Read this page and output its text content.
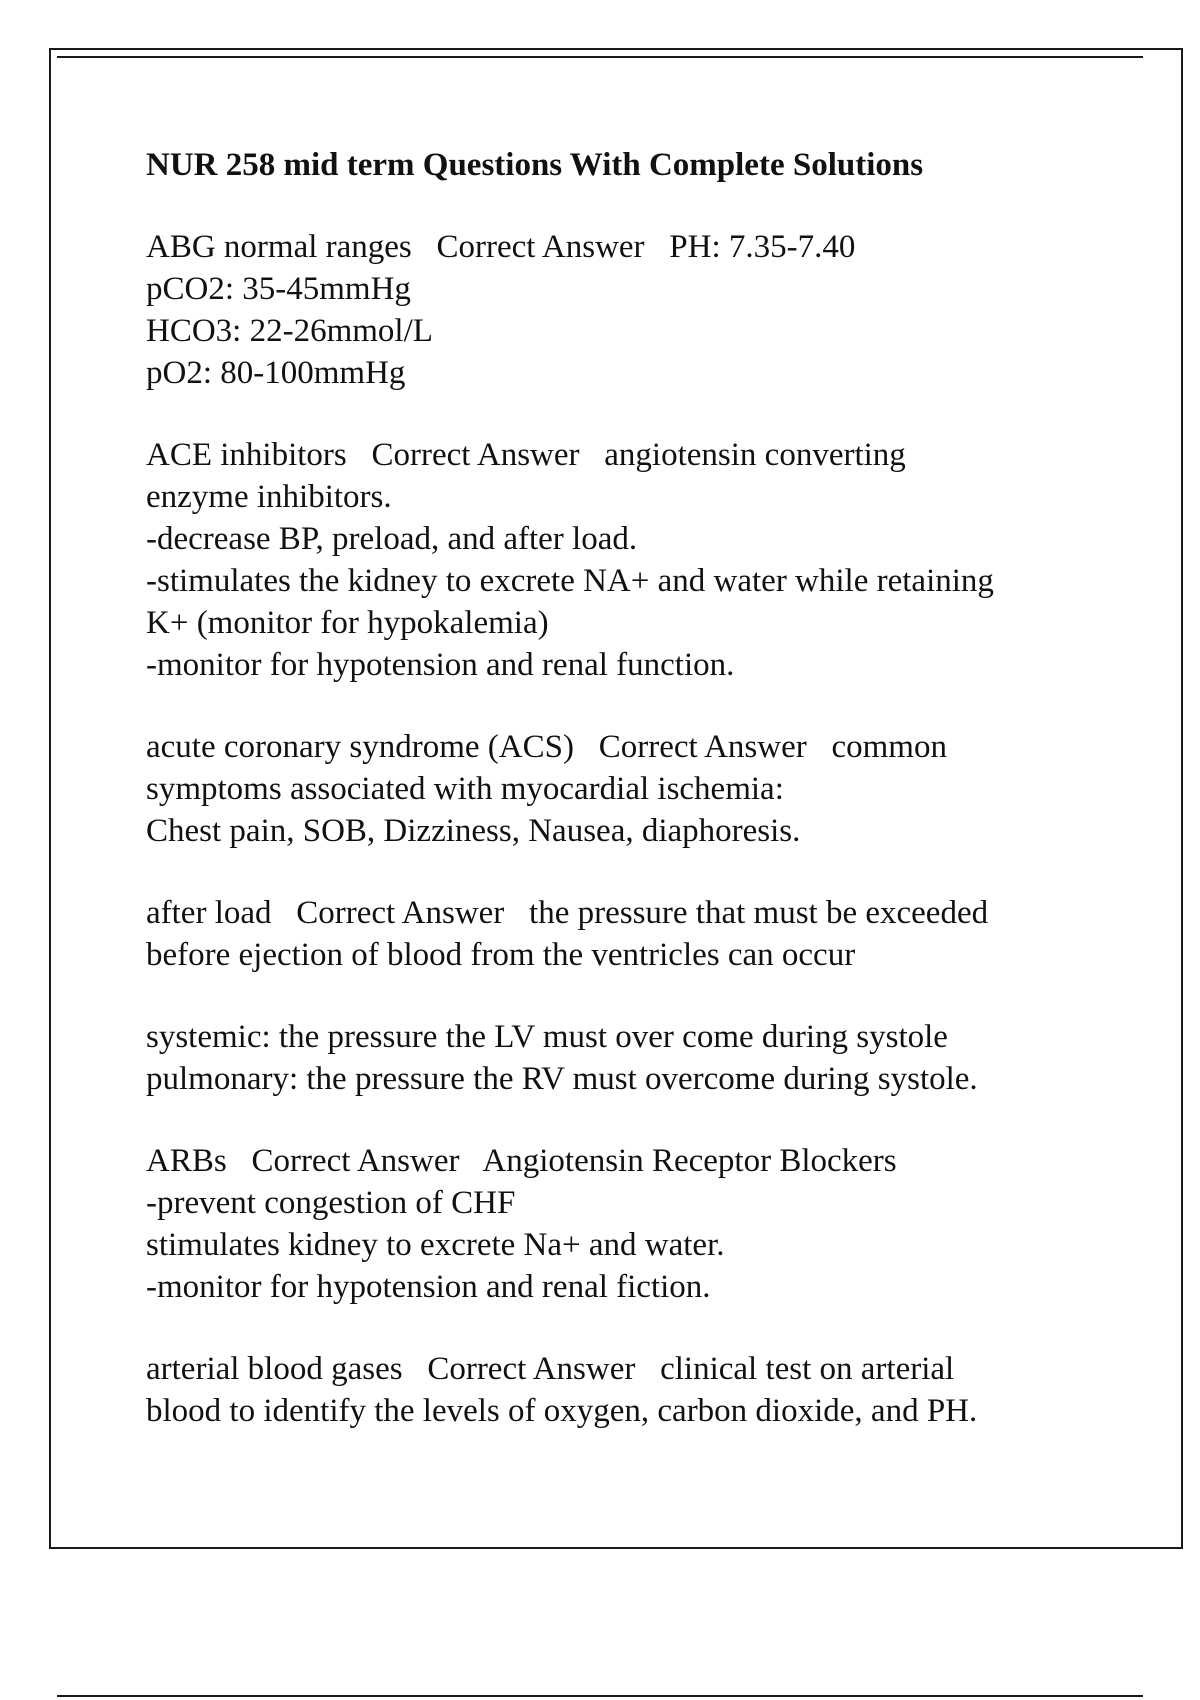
NUR 258 mid term Questions With Complete Solutions
ABG normal ranges   Correct Answer   PH: 7.35-7.40
pCO2: 35-45mmHg
HCO3: 22-26mmol/L
pO2: 80-100mmHg
ACE inhibitors   Correct Answer   angiotensin converting
enzyme inhibitors.
-decrease BP, preload, and after load.
-stimulates the kidney to excrete NA+ and water while retaining
K+ (monitor for hypokalemia)
-monitor for hypotension and renal function.
acute coronary syndrome (ACS)   Correct Answer   common
symptoms associated with myocardial ischemia:
Chest pain, SOB, Dizziness, Nausea, diaphoresis.
after load   Correct Answer   the pressure that must be exceeded
before ejection of blood from the ventricles can occur
systemic: the pressure the LV must over come during systole
pulmonary: the pressure the RV must overcome during systole.
ARBs   Correct Answer   Angiotensin Receptor Blockers
-prevent congestion of CHF
stimulates kidney to excrete Na+ and water.
-monitor for hypotension and renal fiction.
arterial blood gases   Correct Answer   clinical test on arterial
blood to identify the levels of oxygen, carbon dioxide, and PH.
